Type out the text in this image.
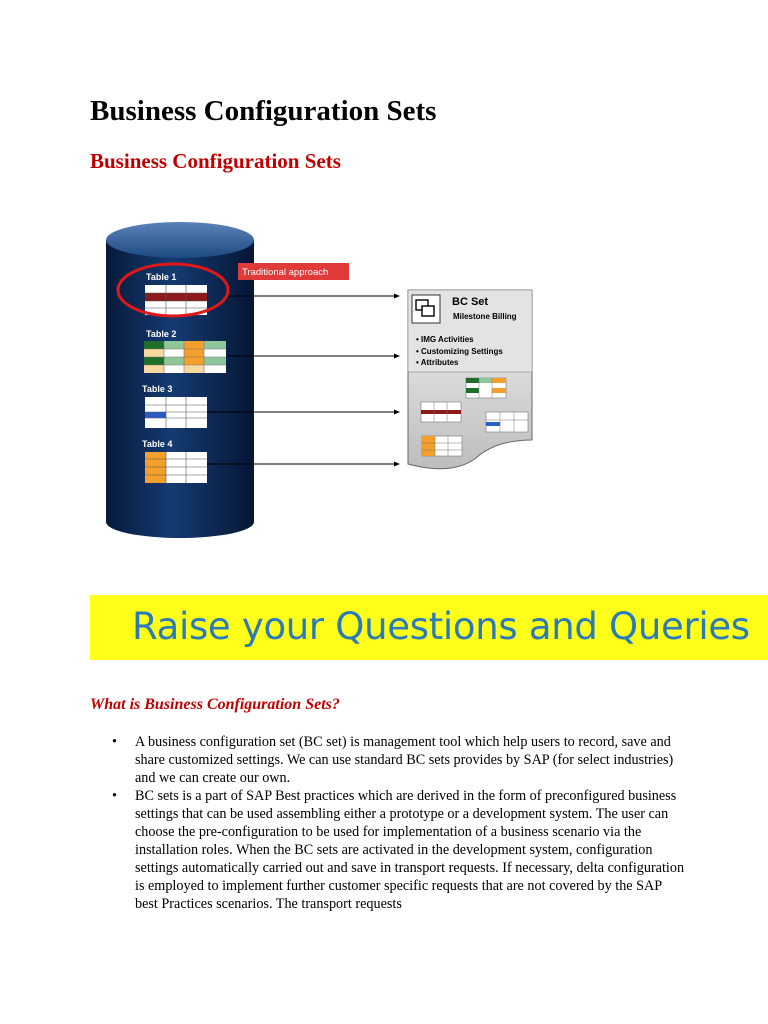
Business Configuration Sets
Business Configuration Sets
Table 1
Table 2
Table 3
Table 4
Traditional approach
BC Set
Milestone Billing
• IMG Activities
• Customizing Settings
• Attributes
Raise your Questions and Queries
What is Business Configuration Sets?
• A business configuration set (BC set) is management tool which help users to record, save and share customized settings. We can use standard BC sets provides by SAP (for select industries) and we can create our own.
• BC sets is a part of SAP Best practices which are derived in the form of preconfigured business settings that can be used assembling either a prototype or a development system. The user can choose the pre-configuration to be used for implementation of a business scenario via the installation roles. When the BC sets are activated in the development system, configuration settings automatically carried out and save in transport requests. If necessary, delta configuration is employed to implement further customer specific requests that are not covered by the SAP best Practices scenarios. The transport requests
